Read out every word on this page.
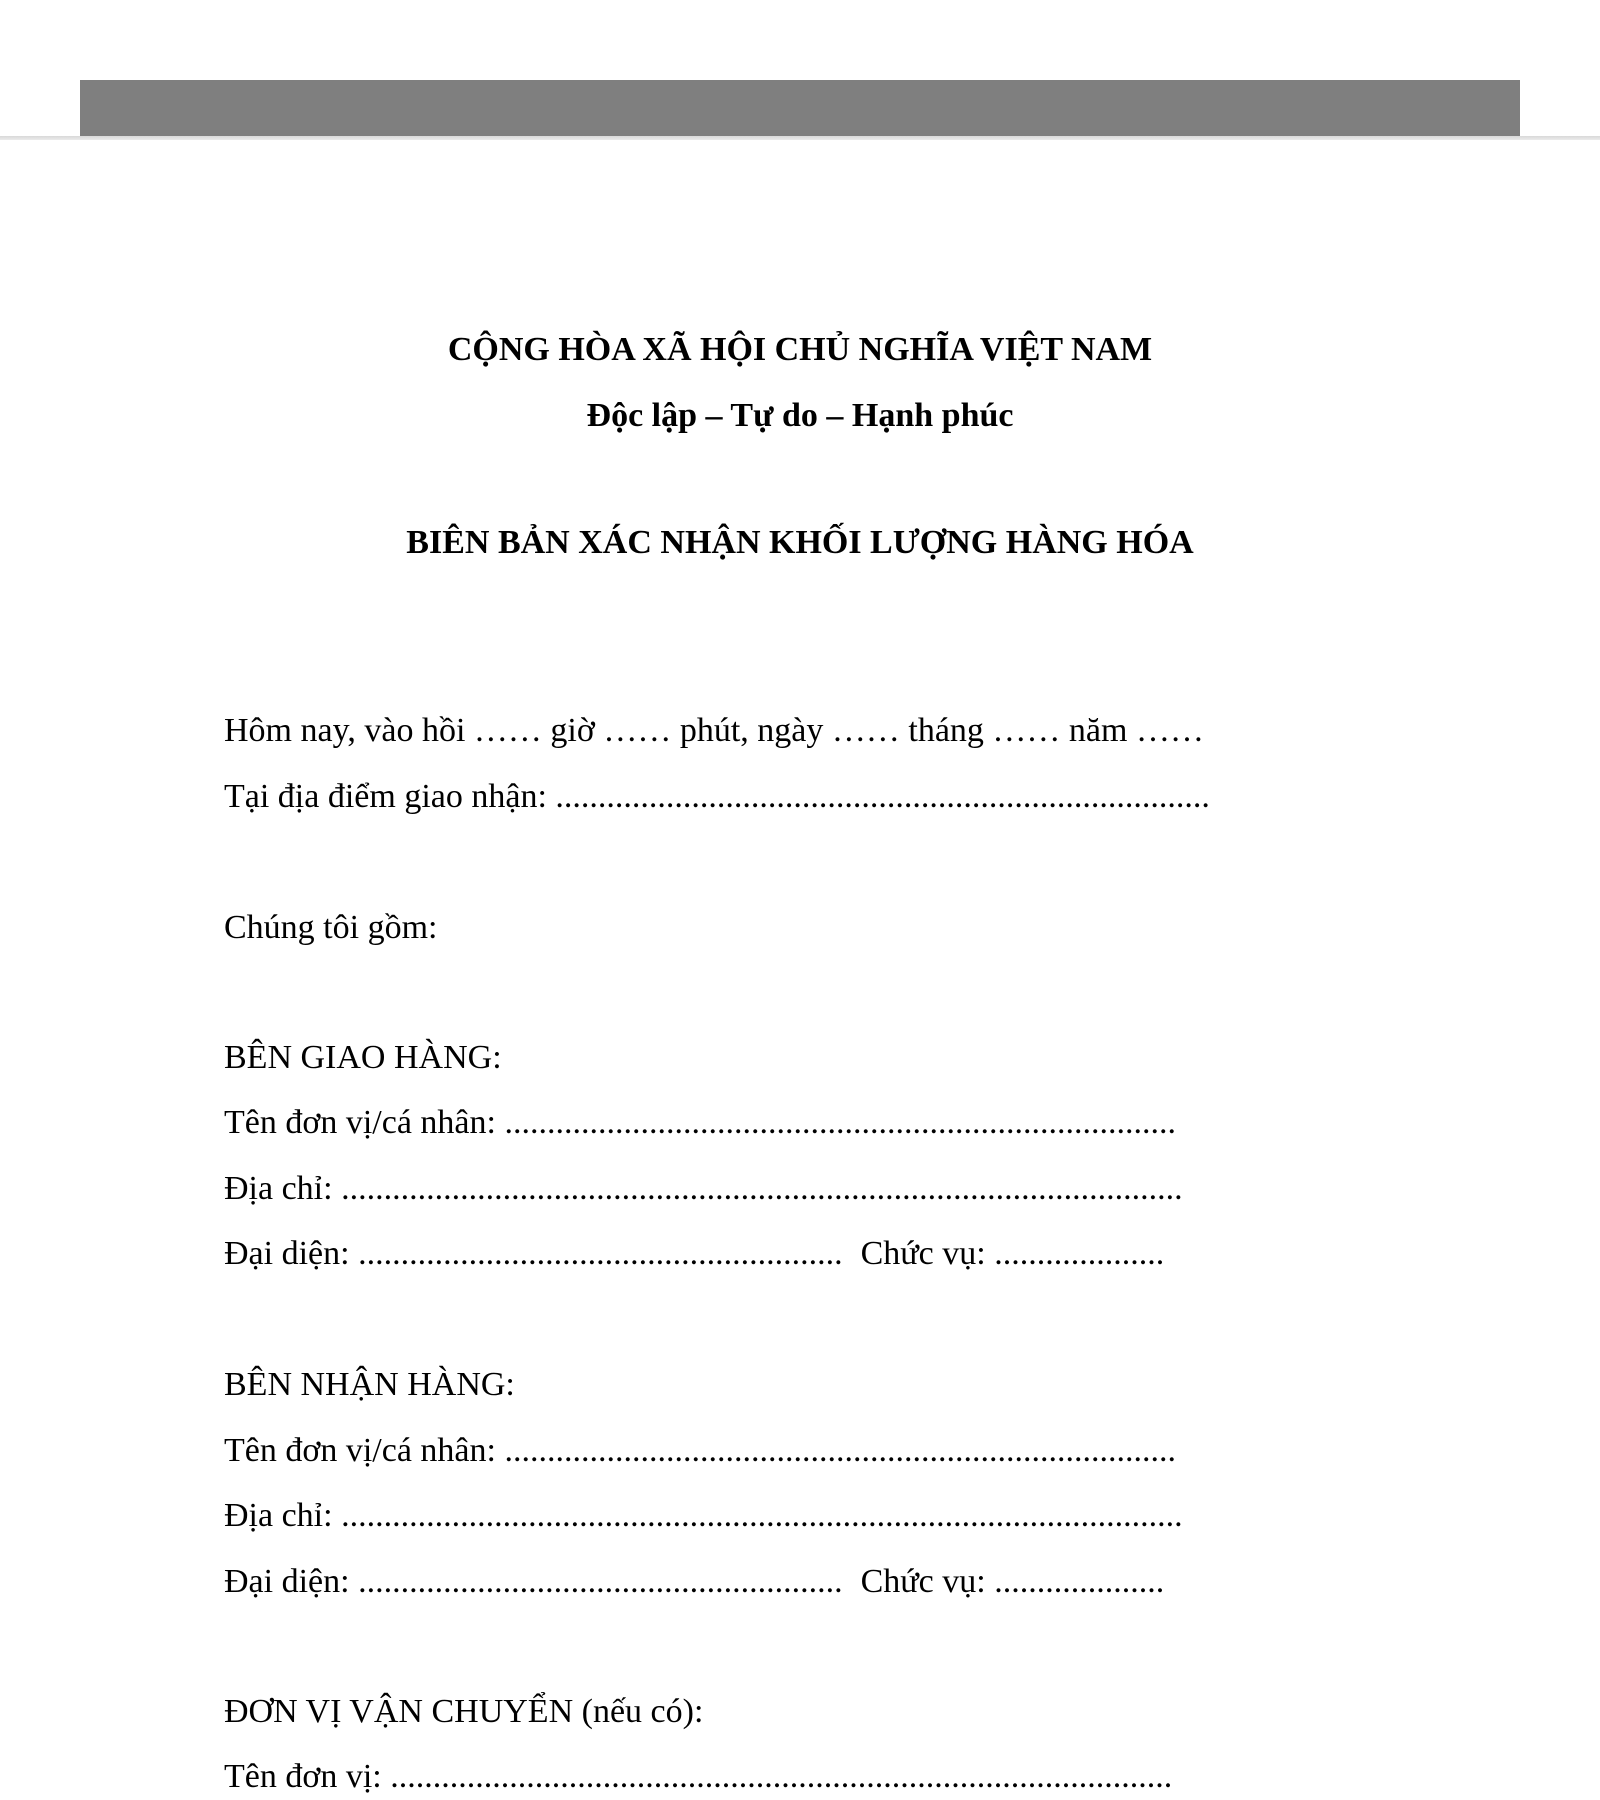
CỘNG HÒA XÃ HỘI CHỦ NGHĨA VIỆT NAM
Độc lập – Tự do – Hạnh phúc
BIÊN BẢN XÁC NHẬN KHỐI LƯỢNG HÀNG HÓA
Hôm nay, vào hồi …… giờ …… phút, ngày …… tháng …… năm ……
Tại địa điểm giao nhận: .............................................................................
Chúng tôi gồm:
BÊN GIAO HÀNG:
Tên đơn vị/cá nhân: ...............................................................................
Địa chỉ: ...................................................................................................
Đại diện: ......................................................... Chức vụ: ....................
BÊN NHẬN HÀNG:
Tên đơn vị/cá nhân: ...............................................................................
Địa chỉ: ...................................................................................................
Đại diện: ......................................................... Chức vụ: ....................
ĐƠN VỊ VẬN CHUYỂN (nếu có):
Tên đơn vị: ............................................................................................
